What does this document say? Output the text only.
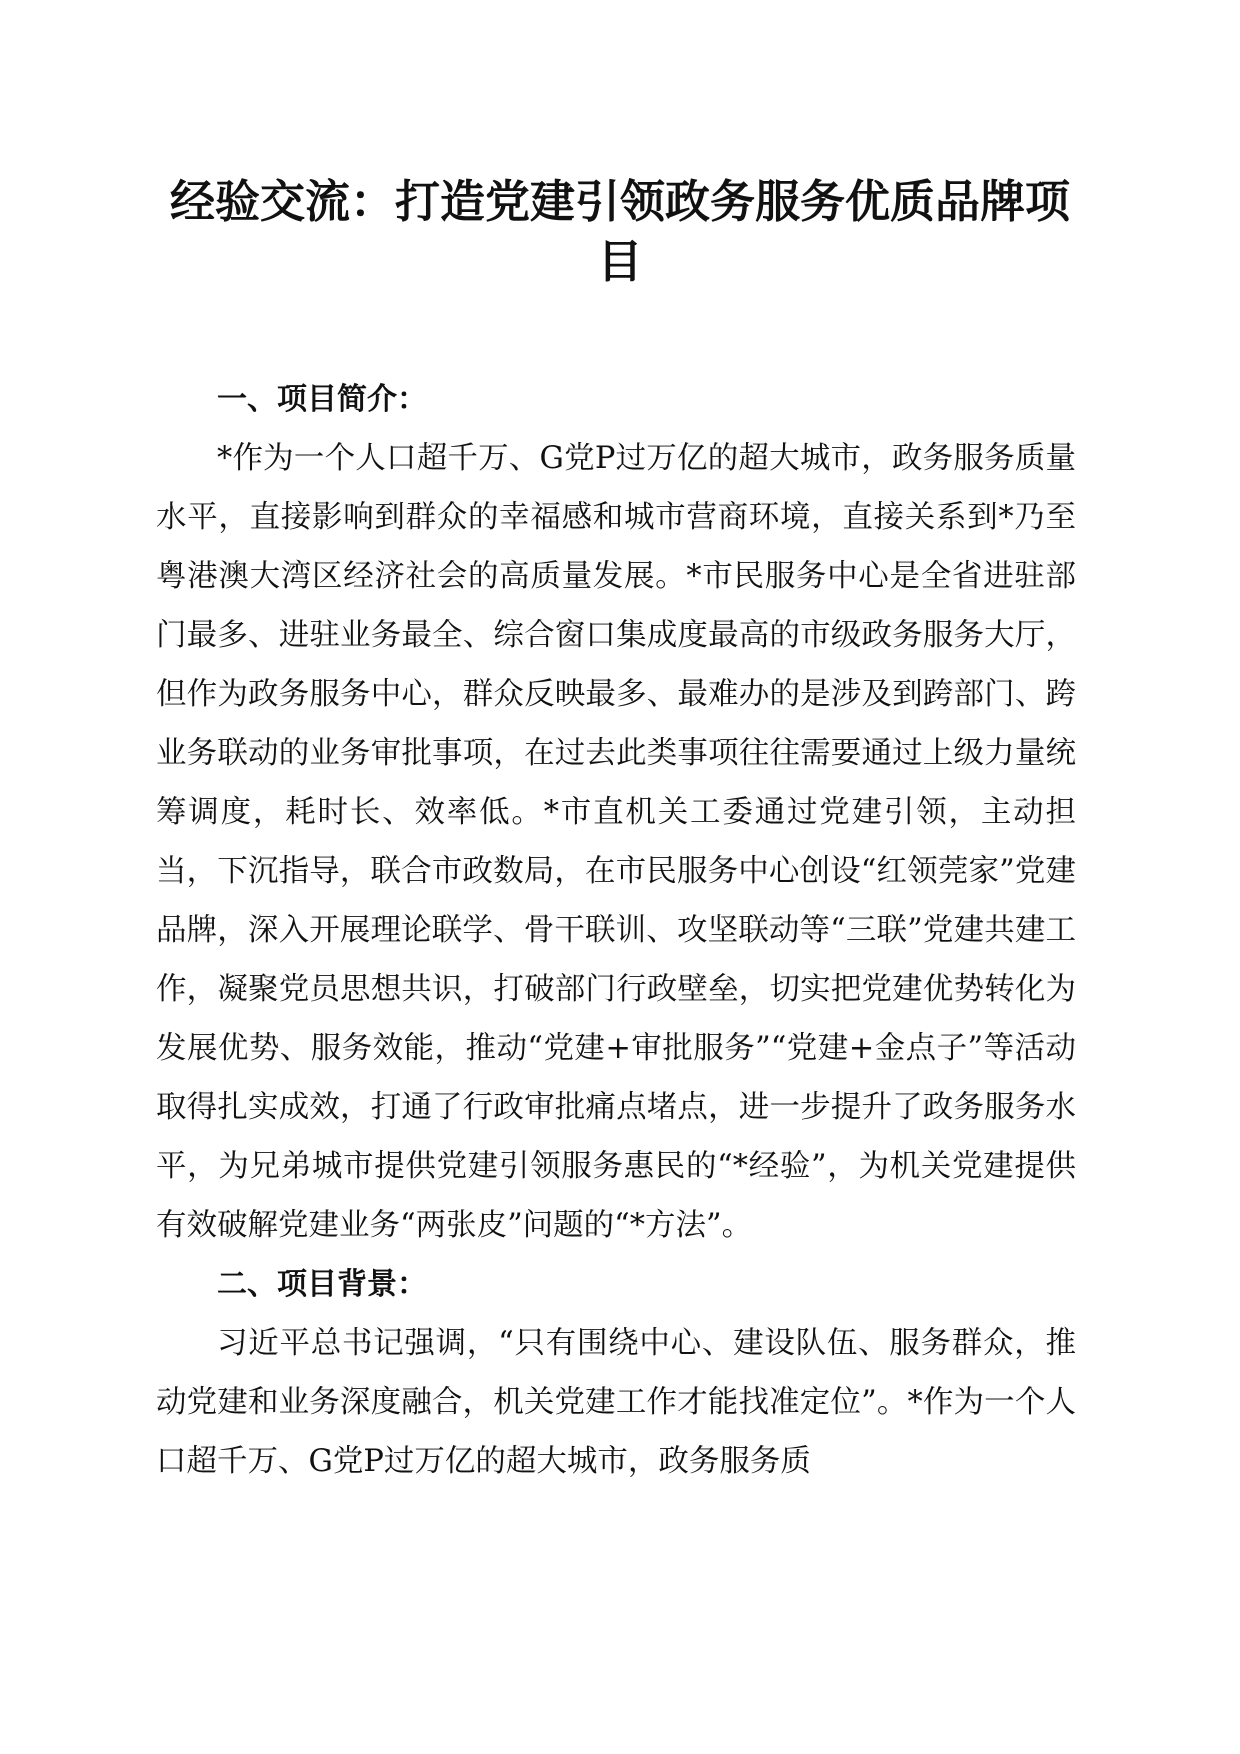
经验交流：打造党建引领政务服务优质品牌项目
一、项目简介：

*作为一个人口超千万、G党P过万亿的超大城市，政务服务质量水平，直接影响到群众的幸福感和城市营商环境，直接关系到*乃至粤港澳大湾区经济社会的高质量发展。*市民服务中心是全省进驻部门最多、进驻业务最全、综合窗口集成度最高的市级政务服务大厅，但作为政务服务中心，群众反映最多、最难办的是涉及到跨部门、跨业务联动的业务审批事项，在过去此类事项往往需要通过上级力量统筹调度，耗时长、效率低。*市直机关工委通过党建引领，主动担当，下沉指导，联合市政数局，在市民服务中心创设“红领莞家”党建品牌，深入开展理论联学、骨干联训、攻坚联动等“三联”党建共建工作，凝聚党员思想共识，打破部门行政壁垒，切实把党建优势转化为发展优势、服务效能，推动“党建+审批服务”“党建+金点子”等活动取得扎实成效，打通了行政审批痛点堵点，进一步提升了政务服务水平，为兄弟城市提供党建引领服务惠民的“*经验”，为机关党建提供有效破解党建业务“两张皮”问题的“*方法”。

二、项目背景：

习近平总书记强调，“只有围绕中心、建设队伍、服务群众，推动党建和业务深度融合，机关党建工作才能找准定位”。*作为一个人口超千万、G党P过万亿的超大城市，政务服务质
